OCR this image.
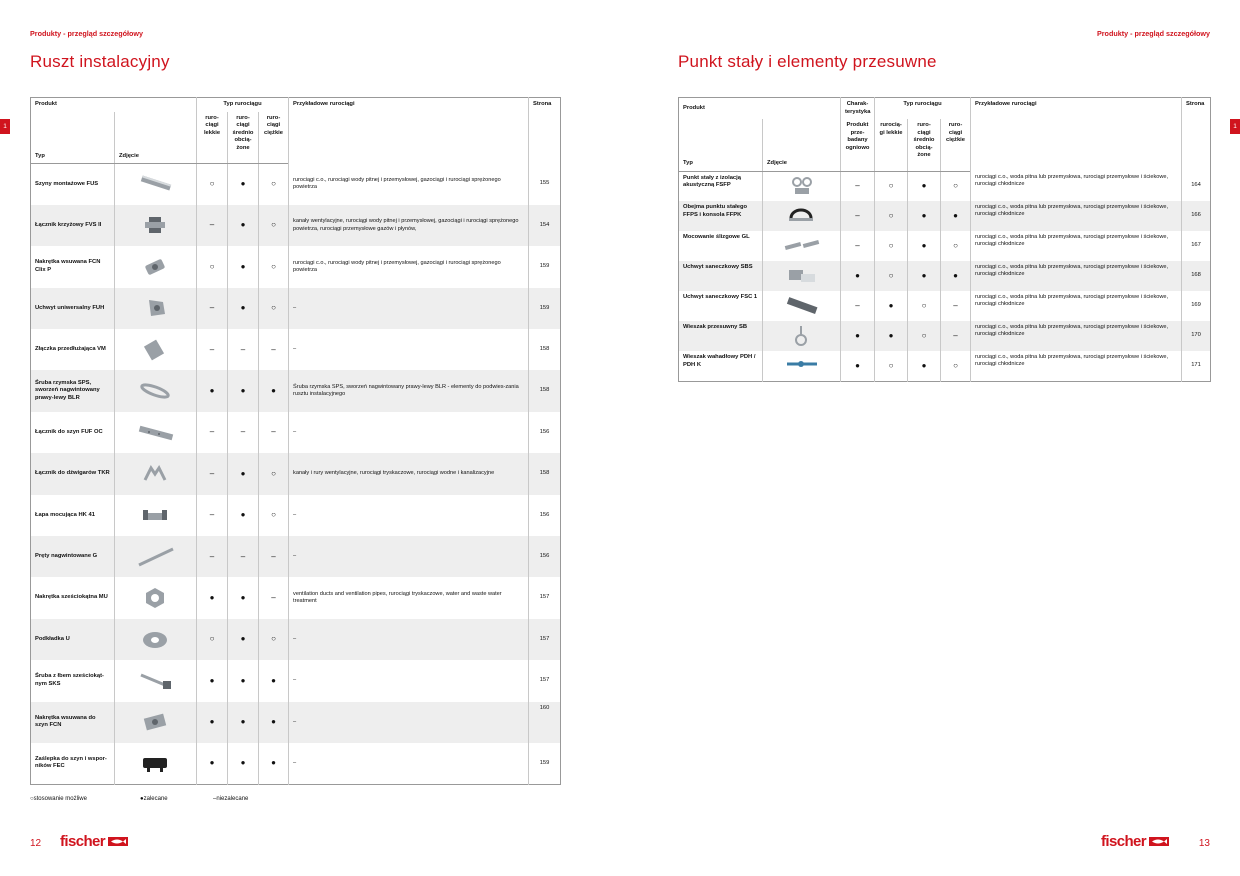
Produkty - przegląd szczegółowy
Ruszt instalacyjny
1
Produkt		Typ rurociągu			Przykładowe rurociągi	Strona
Typ	Zdjęcie	ruro-ciągi lekkie	ruro-ciągi średnio obcią-żone	ruro-ciągi ciężkie		
Szyny montażowe FUS		○	●	○	rurociągi c.o., rurociągi wody pitnej i przemysłowej, gazociągi i rurociągi sprężonego powietrza	155
Łącznik krzyżowy FVS II		–	●	○	kanały wentylacyjne, rurociągi wody pitnej i przemysłowej, gazociągi i rurociągi sprężonego powietrza, rurociągi przemysłowe gazów i płynów,	154
Nakrętka wsuwana FCN Clix P		○	●	○	rurociągi c.o., rurociągi wody pitnej i przemysłowej, gazociągi i rurociągi sprężonego powietrza	159
Uchwyt uniwersalny FUH		–	●	○	–	159
Złączka przedłużająca VM		–	–	–	–	158
Śruba rzymska SPS, sworzeń nagwintowany prawy-lewy BLR		●	●	●	Śruba rzymska SPS, sworzeń nagwintowany prawy-lewy BLR - elementy do podwies-zania rusztu instalacyjnego	158
Łącznik do szyn FUF OC		–	–	–	–	156
Łącznik do dźwigarów TKR		–	●	○	kanały i rury wentylacyjne, rurociągi tryskaczowe, rurociągi wodne i kanalizacyjne	158
Łapa mocująca HK 41		–	●	○	–	156
Pręty nagwintowane G		–	–	–	–	156
Nakrętka sześciokątna MU		●	●	–	ventilation ducts and ventilation pipes, rurociągi tryskaczowe, water and waste water treatment	157
Podkładka U		○	●	○	–	157
Śruba z łbem sześciokąt-nym SKS		●	●	●	–	157
Nakrętka wsuwana do szyn FCN		●	●	●	–	160
Zaślepka do szyn i wspor-ników FEC		●	●	●	–	159
○stosowanie możliwe	●zalecane	–niezalecane
12 fischer
Produkty - przegląd szczegółowy
Punkt stały i elementy przesuwne
1
Produkt		Charak-terystyka	Typ rurociągu			Przykładowe rurociągi	Strona
Typ	Zdjęcie	Produkt prze-badany ogniowo	rurocią-gi lekkie	ruro-ciągi średnio obcią-żone	ruro-ciągi ciężkie		
Punkt stały z izolacją akustyczną FSFP		–	○	●	○	rurociągi c.o., woda pitna lub przemysłowa, rurociągi przemysłowe i ściekowe, rurociągi chłodnicze	164
Obejma punktu stałego FFPS i konsola FFPK		–	○	●	●	rurociągi c.o., woda pitna lub przemysłowa, rurociągi przemysłowe i ściekowe, rurociągi chłodnicze	166
Mocowanie ślizgowe GL		–	○	●	○	rurociągi c.o., woda pitna lub przemysłowa, rurociągi przemysłowe i ściekowe, rurociągi chłodnicze	167
Uchwyt saneczkowy SBS		●	○	●	●	rurociągi c.o., woda pitna lub przemysłowa, rurociągi przemysłowe i ściekowe, rurociągi chłodnicze	168
Uchwyt saneczkowy FSC 1		–	●	○	–	rurociągi c.o., woda pitna lub przemysłowa, rurociągi przemysłowe i ściekowe, rurociągi chłodnicze	169
Wieszak przesuwny SB		●	●	○	–	rurociągi c.o., woda pitna lub przemysłowa, rurociągi przemysłowe i ściekowe, rurociągi chłodnicze	170
Wieszak wahadłowy PDH / PDH K		●	○	●	○	rurociągi c.o., woda pitna lub przemysłowa, rurociągi przemysłowe i ściekowe, rurociągi chłodnicze	171
fischer	13
